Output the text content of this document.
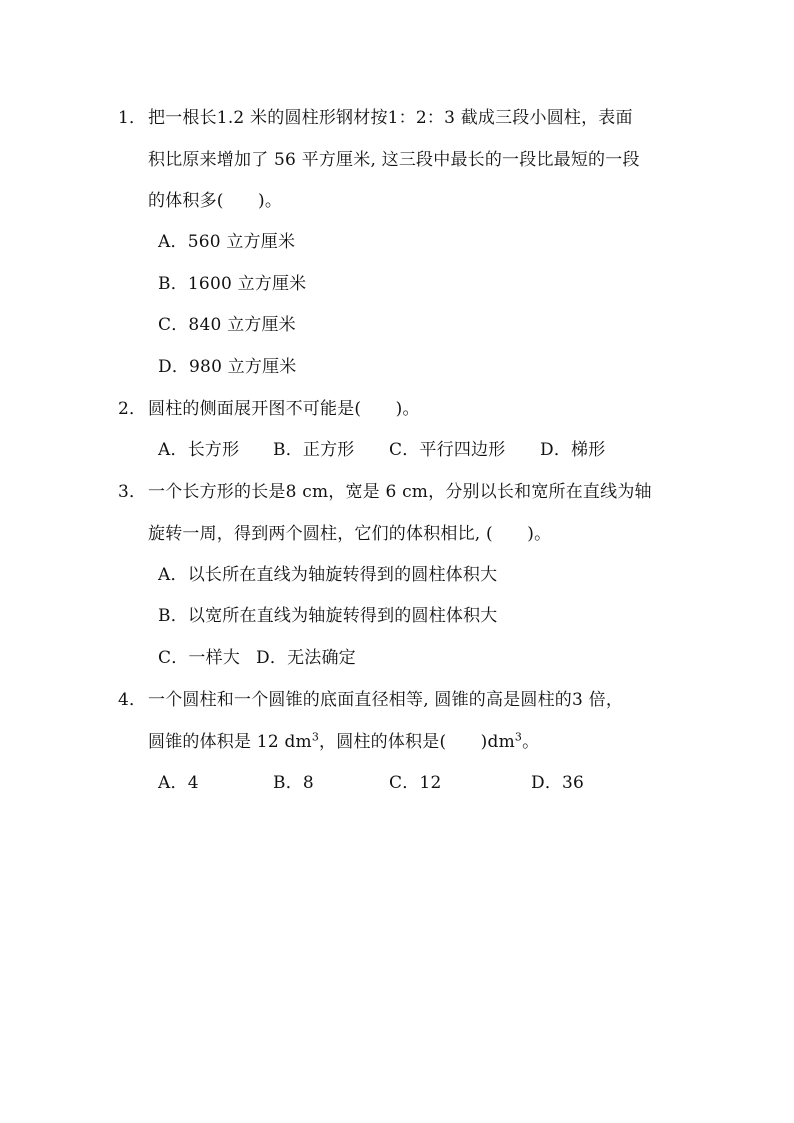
1． 把一根长1.2 米的圆柱形钢材按1：2：3 截成三段小圆柱，表面
积比原来增加了 56 平方厘米, 这三段中最长的一段比最短的一段
的体积多(　　)。
A．560 立方厘米
B．1600 立方厘米
C．840 立方厘米
D．980 立方厘米
2． 圆柱的侧面展开图不可能是(　　)。
A．长方形 B．正方形 C．平行四边形 D．梯形
3． 一个长方形的长是8 cm，宽是 6 cm，分别以长和宽所在直线为轴
旋转一周，得到两个圆柱，它们的体积相比, (　　)。
A．以长所在直线为轴旋转得到的圆柱体积大
B．以宽所在直线为轴旋转得到的圆柱体积大
C．一样大 D．无法确定
4． 一个圆柱和一个圆锥的底面直径相等, 圆锥的高是圆柱的3 倍，
圆锥的体积是 12 $dm^3$，圆柱的体积是(　　)$dm^3$。
A．4	B．8	C．12	D．36
